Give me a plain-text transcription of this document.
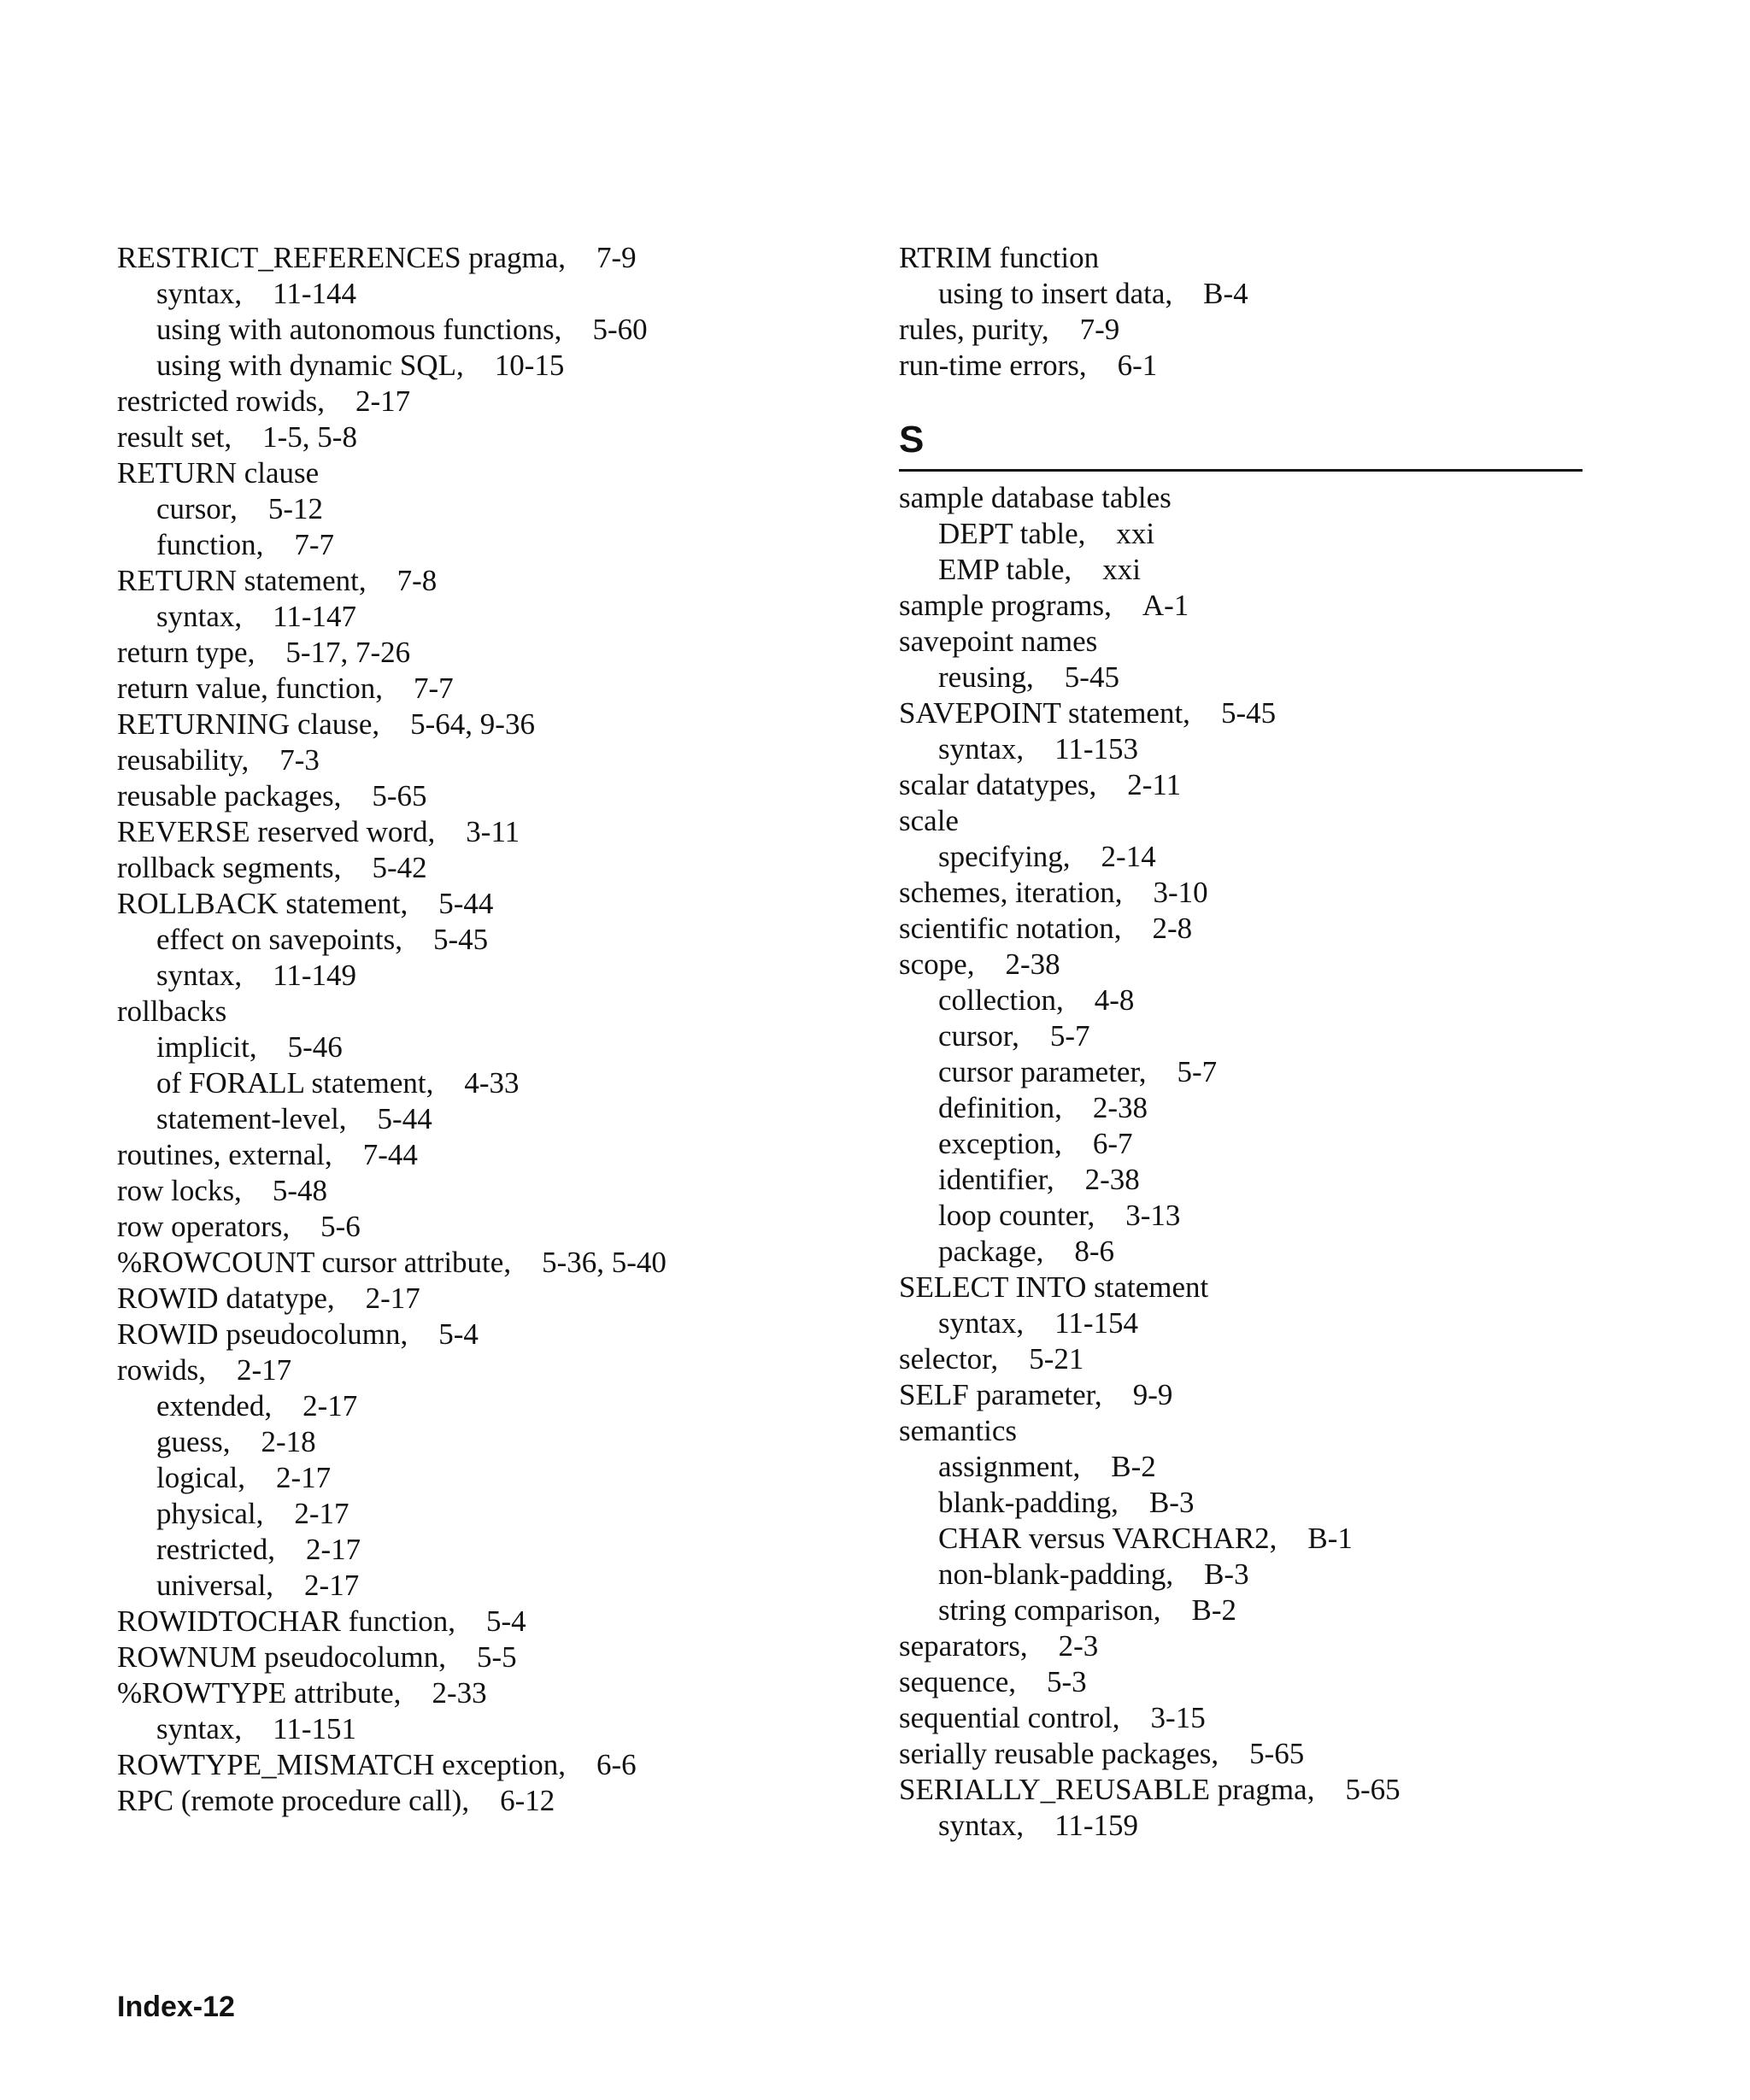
RESTRICT_REFERENCES pragma, 7-9
syntax, 11-144
using with autonomous functions, 5-60
using with dynamic SQL, 10-15
restricted rowids, 2-17
result set, 1-5, 5-8
RETURN clause
cursor, 5-12
function, 7-7
RETURN statement, 7-8
syntax, 11-147
return type, 5-17, 7-26
return value, function, 7-7
RETURNING clause, 5-64, 9-36
reusability, 7-3
reusable packages, 5-65
REVERSE reserved word, 3-11
rollback segments, 5-42
ROLLBACK statement, 5-44
effect on savepoints, 5-45
syntax, 11-149
rollbacks
implicit, 5-46
of FORALL statement, 4-33
statement-level, 5-44
routines, external, 7-44
row locks, 5-48
row operators, 5-6
%ROWCOUNT cursor attribute, 5-36, 5-40
ROWID datatype, 2-17
ROWID pseudocolumn, 5-4
rowids, 2-17
extended, 2-17
guess, 2-18
logical, 2-17
physical, 2-17
restricted, 2-17
universal, 2-17
ROWIDTOCHAR function, 5-4
ROWNUM pseudocolumn, 5-5
%ROWTYPE attribute, 2-33
syntax, 11-151
ROWTYPE_MISMATCH exception, 6-6
RPC (remote procedure call), 6-12
RTRIM function
using to insert data, B-4
rules, purity, 7-9
run-time errors, 6-1
S
sample database tables
DEPT table, xxi
EMP table, xxi
sample programs, A-1
savepoint names
reusing, 5-45
SAVEPOINT statement, 5-45
syntax, 11-153
scalar datatypes, 2-11
scale
specifying, 2-14
schemes, iteration, 3-10
scientific notation, 2-8
scope, 2-38
collection, 4-8
cursor, 5-7
cursor parameter, 5-7
definition, 2-38
exception, 6-7
identifier, 2-38
loop counter, 3-13
package, 8-6
SELECT INTO statement
syntax, 11-154
selector, 5-21
SELF parameter, 9-9
semantics
assignment, B-2
blank-padding, B-3
CHAR versus VARCHAR2, B-1
non-blank-padding, B-3
string comparison, B-2
separators, 2-3
sequence, 5-3
sequential control, 3-15
serially reusable packages, 5-65
SERIALLY_REUSABLE pragma, 5-65
syntax, 11-159
Index-12
